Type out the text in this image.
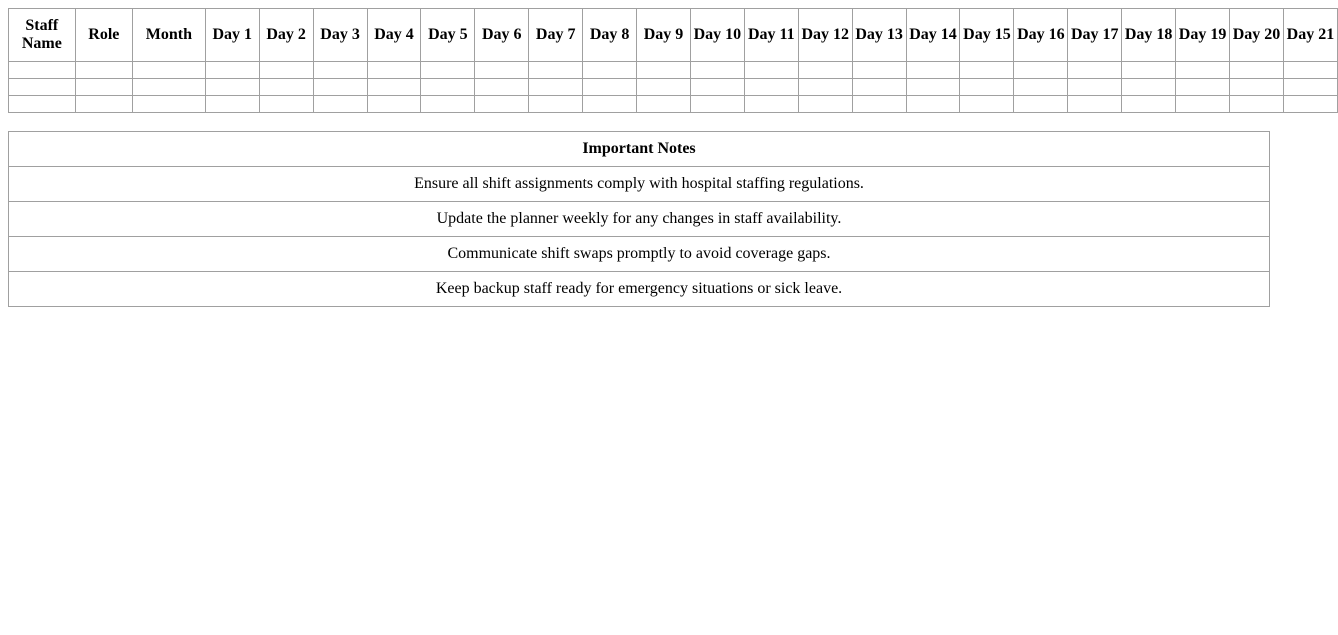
Staff Name	Role	Month	Day 1	Day 2	Day 3	Day 4	Day 5	Day 6	Day 7	Day 8	Day 9	Day 10	Day 11	Day 12	Day 13	Day 14	Day 15	Day 16	Day 17	Day 18	Day 19	Day 20	Day 21

Important Notes
Ensure all shift assignments comply with hospital staffing regulations.
Update the planner weekly for any changes in staff availability.
Communicate shift swaps promptly to avoid coverage gaps.
Keep backup staff ready for emergency situations or sick leave.
